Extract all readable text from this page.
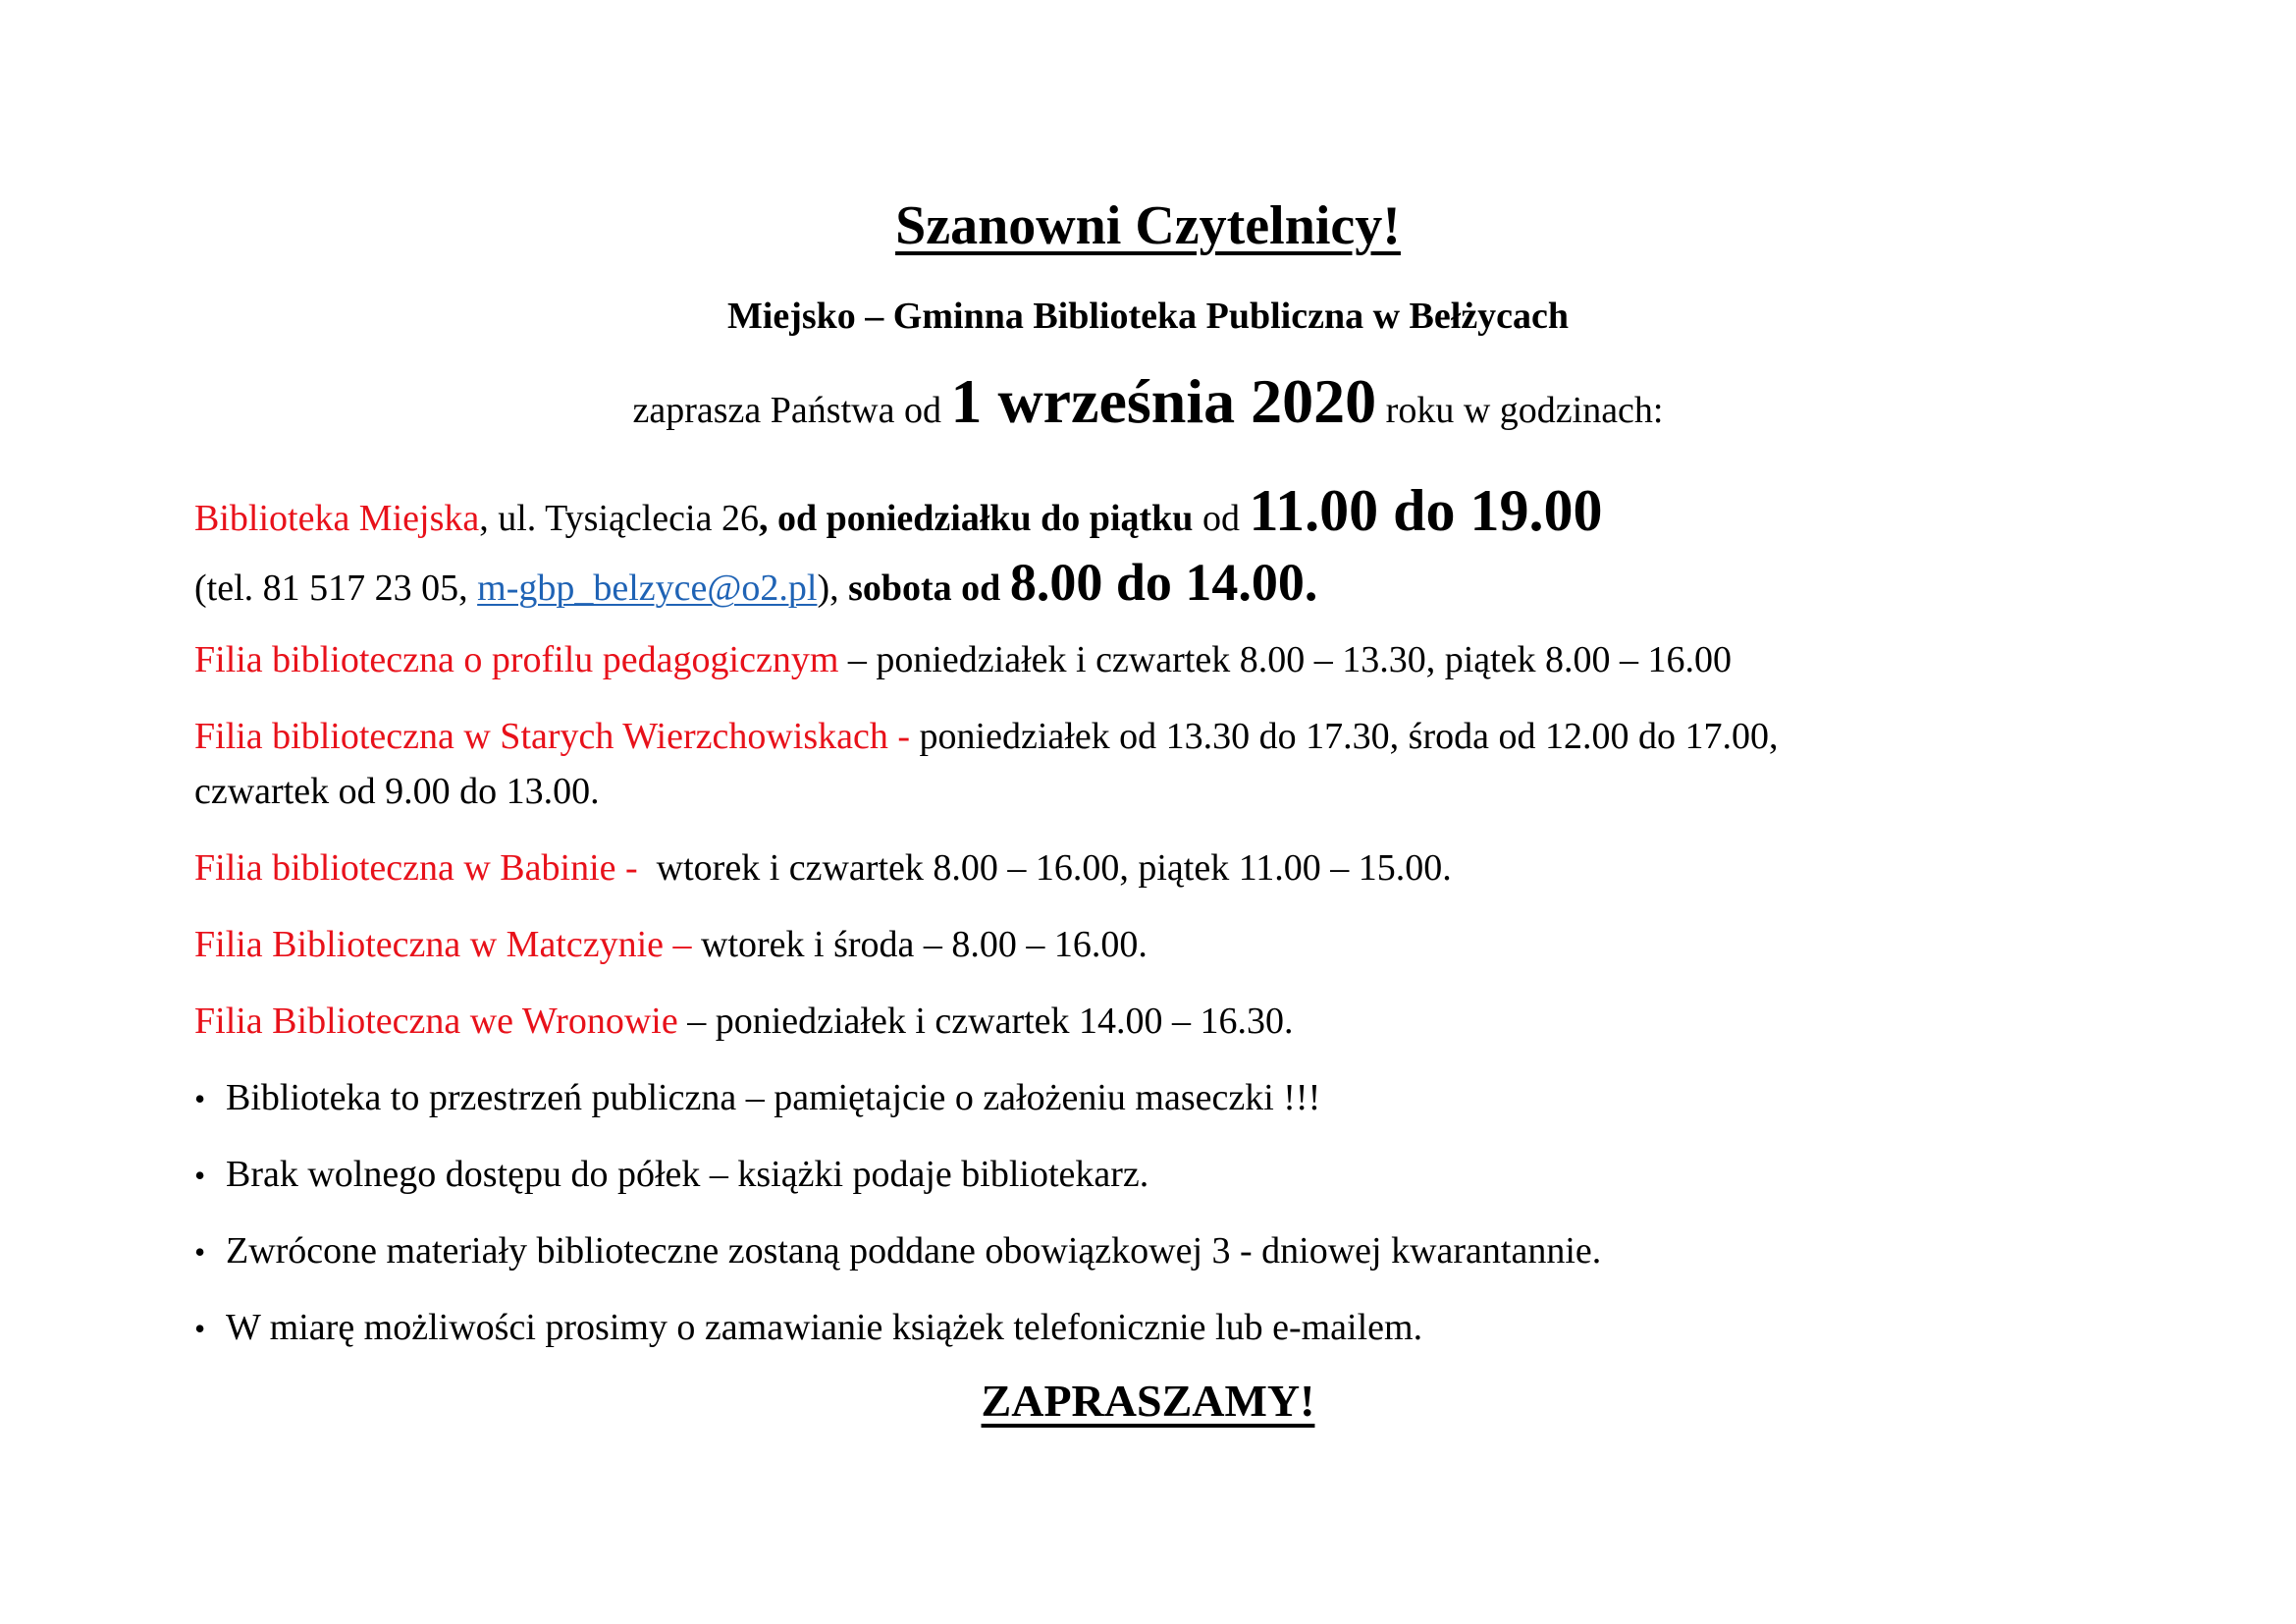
Szanowni Czytelnicy!
Miejsko – Gminna Biblioteka Publiczna w Bełżycach
zaprasza Państwa od 1 września 2020 roku w godzinach:
Biblioteka Miejska, ul. Tysiąclecia 26, od poniedziałku do piątku od 11.00 do 19.00
(tel. 81 517 23 05, m-gbp_belzyce@o2.pl), sobota od 8.00 do 14.00.
Filia biblioteczna o profilu pedagogicznym – poniedziałek i czwartek 8.00 – 13.30, piątek 8.00 – 16.00
Filia biblioteczna w Starych Wierzchowiskach - poniedziałek od 13.30 do 17.30, środa od 12.00 do 17.00,
czwartek od 9.00 do 13.00.
Filia biblioteczna w Babinie -  wtorek i czwartek 8.00 – 16.00, piątek 11.00 – 15.00.
Filia Biblioteczna w Matczynie – wtorek i środa – 8.00 – 16.00.
Filia Biblioteczna we Wronowie – poniedziałek i czwartek 14.00 – 16.30.
• Biblioteka to przestrzeń publiczna – pamiętajcie o założeniu maseczki !!!
• Brak wolnego dostępu do półek – książki podaje bibliotekarz.
• Zwrócone materiały biblioteczne zostaną poddane obowiązkowej 3 - dniowej kwarantannie.
• W miarę możliwości prosimy o zamawianie książek telefonicznie lub e-mailem.
ZAPRASZAMY!
